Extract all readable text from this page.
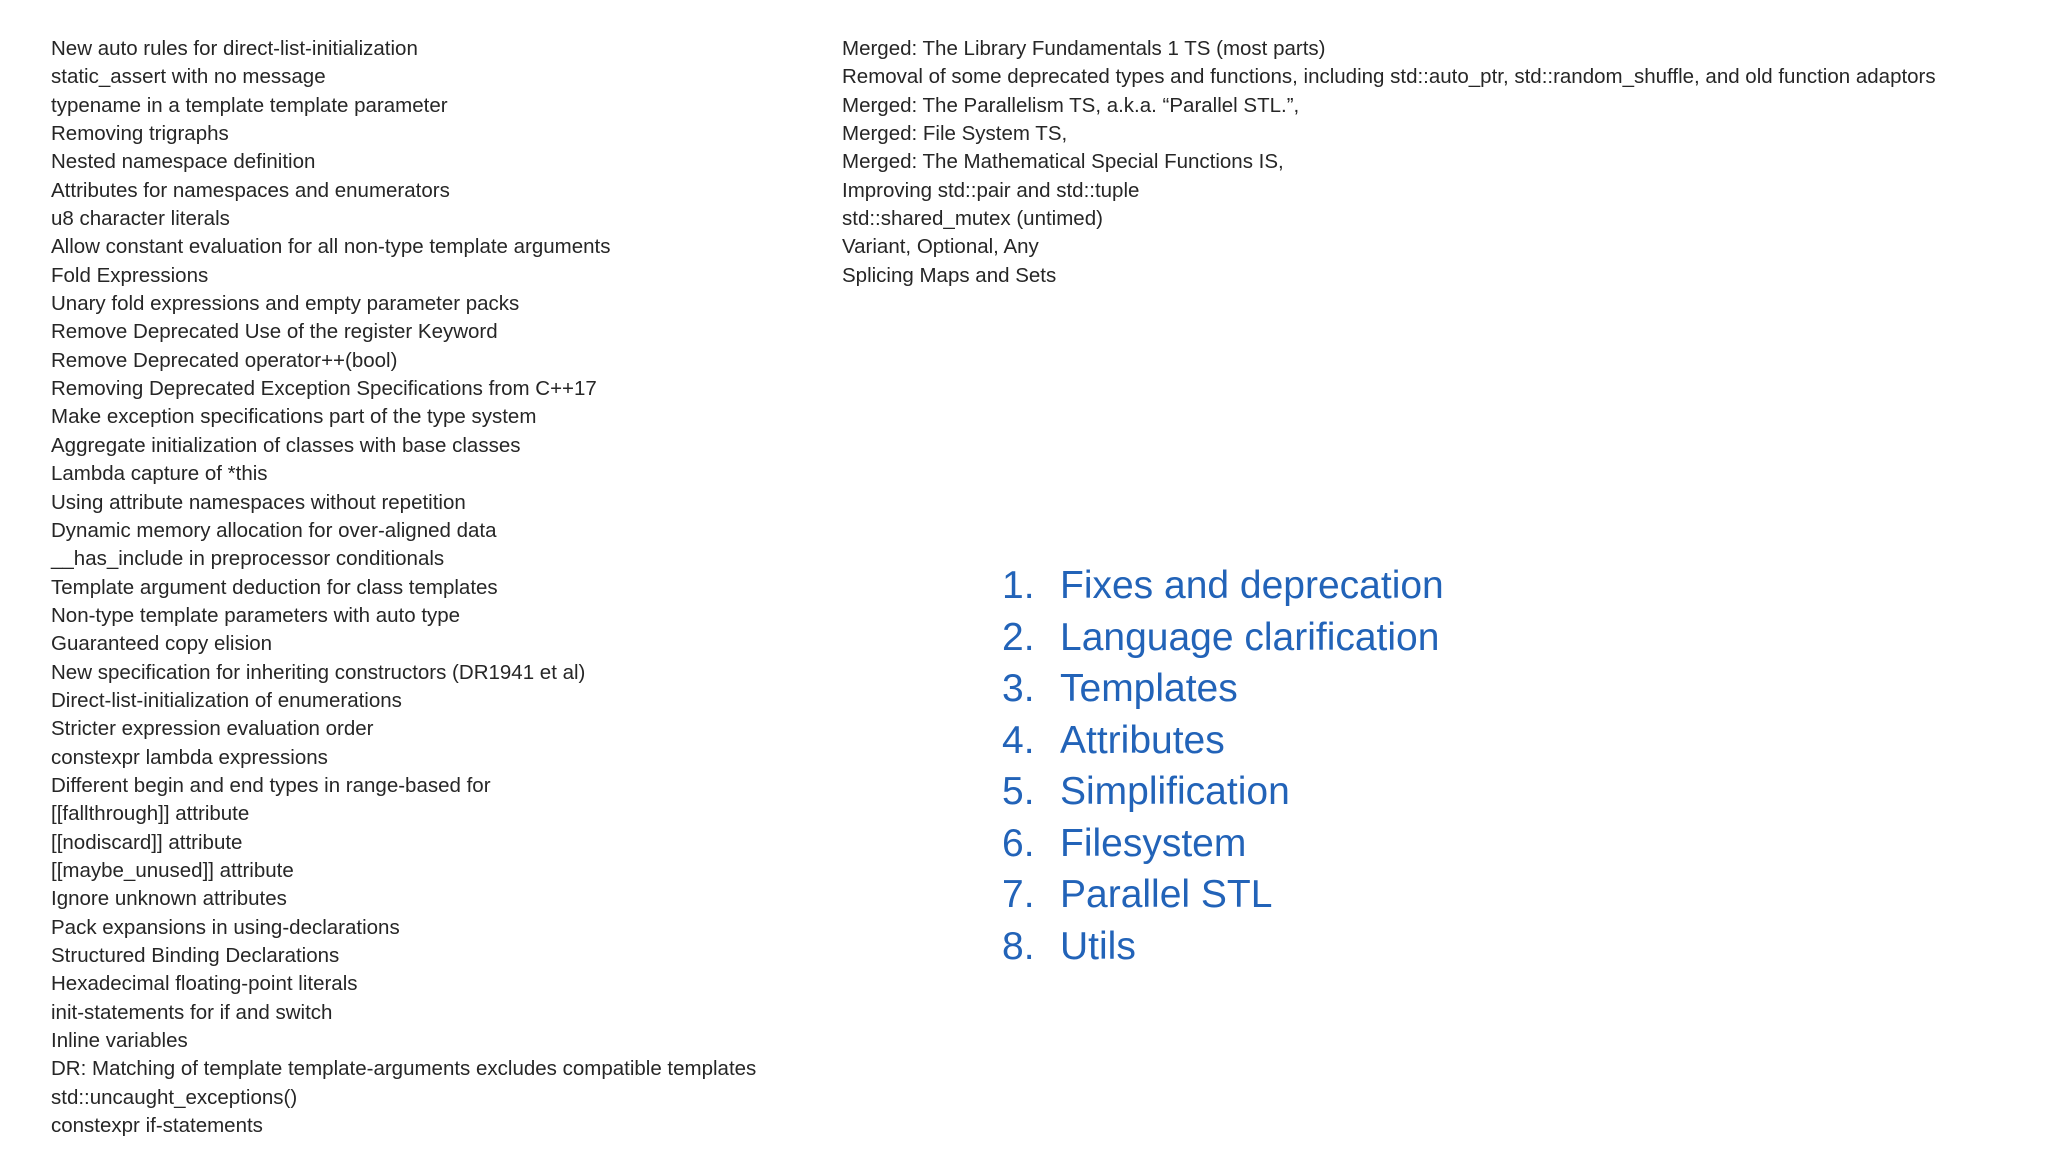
New auto rules for direct-list-initialization
static_assert with no message
typename in a template template parameter
Removing trigraphs
Nested namespace definition
Attributes for namespaces and enumerators
u8 character literals
Allow constant evaluation for all non-type template arguments
Fold Expressions
Unary fold expressions and empty parameter packs
Remove Deprecated Use of the register Keyword
Remove Deprecated operator++(bool)
Removing Deprecated Exception Specifications from C++17
Make exception specifications part of the type system
Aggregate initialization of classes with base classes
Lambda capture of *this
Using attribute namespaces without repetition
Dynamic memory allocation for over-aligned data
__has_include in preprocessor conditionals
Template argument deduction for class templates
Non-type template parameters with auto type
Guaranteed copy elision
New specification for inheriting constructors (DR1941 et al)
Direct-list-initialization of enumerations
Stricter expression evaluation order
constexpr lambda expressions
Different begin and end types in range-based for
[[fallthrough]] attribute
[[nodiscard]] attribute
[[maybe_unused]] attribute
Ignore unknown attributes
Pack expansions in using-declarations
Structured Binding Declarations
Hexadecimal floating-point literals
init-statements for if and switch
Inline variables
DR: Matching of template template-arguments excludes compatible templates
std::uncaught_exceptions()
constexpr if-statements
Merged: The Library Fundamentals 1 TS (most parts)
Removal of some deprecated types and functions, including std::auto_ptr, std::random_shuffle, and old function adaptors
Merged: The Parallelism TS, a.k.a. “Parallel STL.”,
Merged: File System TS,
Merged: The Mathematical Special Functions IS,
Improving std::pair and std::tuple
std::shared_mutex (untimed)
Variant, Optional, Any
Splicing Maps and Sets
1. Fixes and deprecation
2. Language clarification
3. Templates
4. Attributes
5. Simplification
6. Filesystem
7. Parallel STL
8. Utils
